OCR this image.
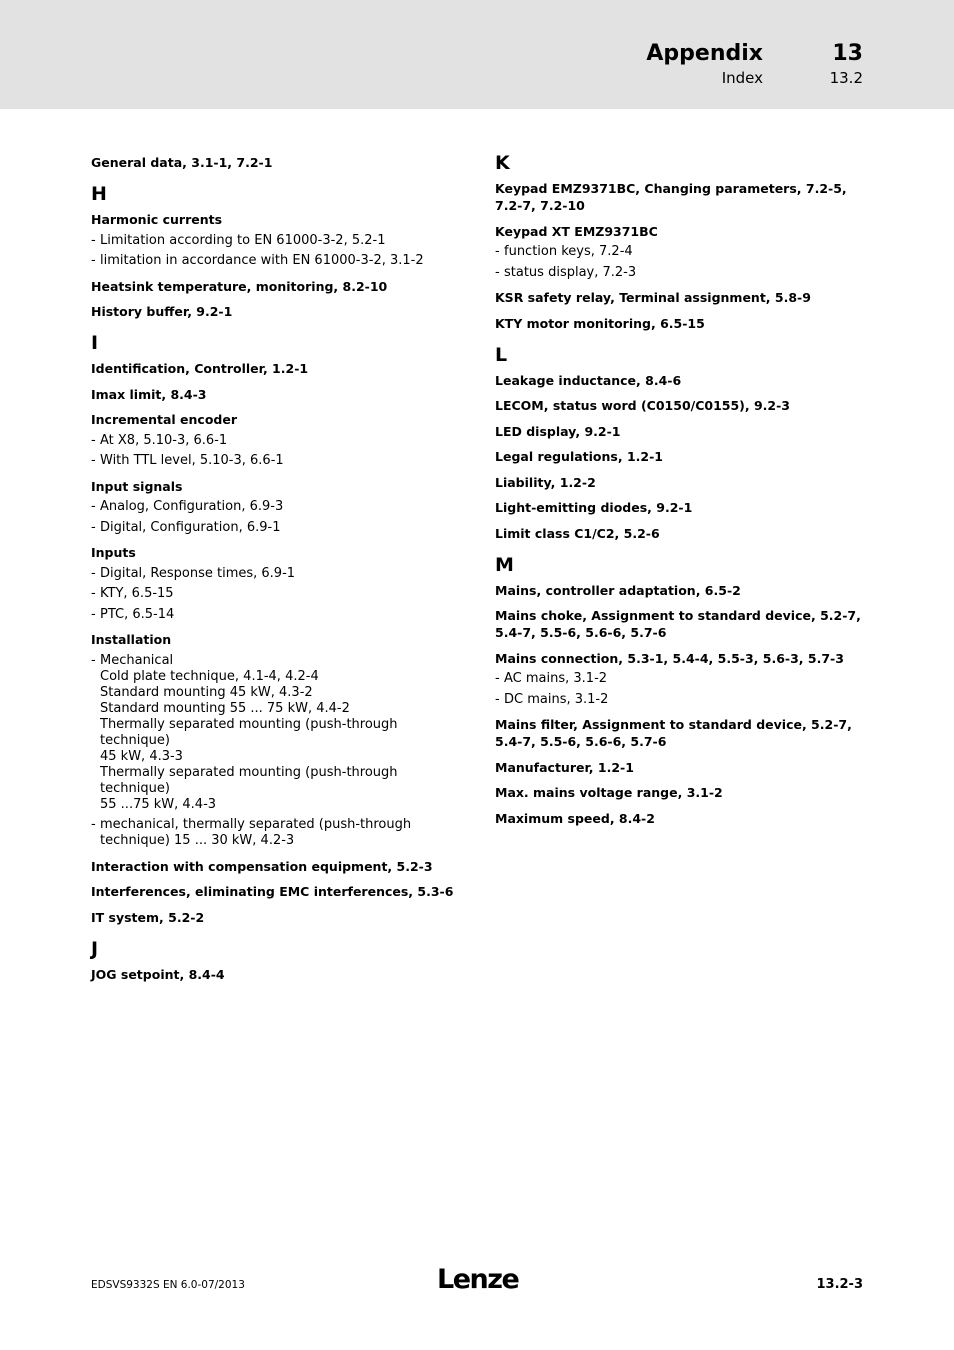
Appendix	13
Index	13.2
General data, 3.1-1, 7.2-1
H
Harmonic currents
- Limitation according to EN 61000-3-2, 5.2-1
- limitation in accordance with EN 61000-3-2, 3.1-2
Heatsink temperature, monitoring, 8.2-10
History buffer, 9.2-1
I
Identification, Controller, 1.2-1
Imax limit, 8.4-3
Incremental encoder
- At X8, 5.10-3, 6.6-1
- With TTL level, 5.10-3, 6.6-1
Input signals
- Analog, Configuration, 6.9-3
- Digital, Configuration, 6.9-1
Inputs
- Digital, Response times, 6.9-1
- KTY, 6.5-15
- PTC, 6.5-14
Installation
- Mechanical
Cold plate technique, 4.1-4, 4.2-4
Standard mounting 45 kW, 4.3-2
Standard mounting 55 ... 75 kW, 4.4-2
Thermally separated mounting (push-through technique)
45 kW, 4.3-3
Thermally separated mounting (push-through technique)
55 ...75 kW, 4.4-3
- mechanical, thermally separated (push-through
technique) 15 ... 30 kW, 4.2-3
Interaction with compensation equipment, 5.2-3
Interferences, eliminating EMC interferences, 5.3-6
IT system, 5.2-2
J
JOG setpoint, 8.4-4
K
Keypad EMZ9371BC, Changing parameters, 7.2-5, 7.2-7, 7.2-10
Keypad XT EMZ9371BC
- function keys, 7.2-4
- status display, 7.2-3
KSR safety relay, Terminal assignment, 5.8-9
KTY motor monitoring, 6.5-15
L
Leakage inductance, 8.4-6
LECOM, status word (C0150/C0155), 9.2-3
LED display, 9.2-1
Legal regulations, 1.2-1
Liability, 1.2-2
Light-emitting diodes, 9.2-1
Limit class C1/C2, 5.2-6
M
Mains, controller adaptation, 6.5-2
Mains choke, Assignment to standard device, 5.2-7, 5.4-7, 5.5-6, 5.6-6, 5.7-6
Mains connection, 5.3-1, 5.4-4, 5.5-3, 5.6-3, 5.7-3
- AC mains, 3.1-2
- DC mains, 3.1-2
Mains filter, Assignment to standard device, 5.2-7, 5.4-7, 5.5-6, 5.6-6, 5.7-6
Manufacturer, 1.2-1
Max. mains voltage range, 3.1-2
Maximum speed, 8.4-2
EDSVS9332S EN 6.0-07/2013	Lenze	13.2-3
